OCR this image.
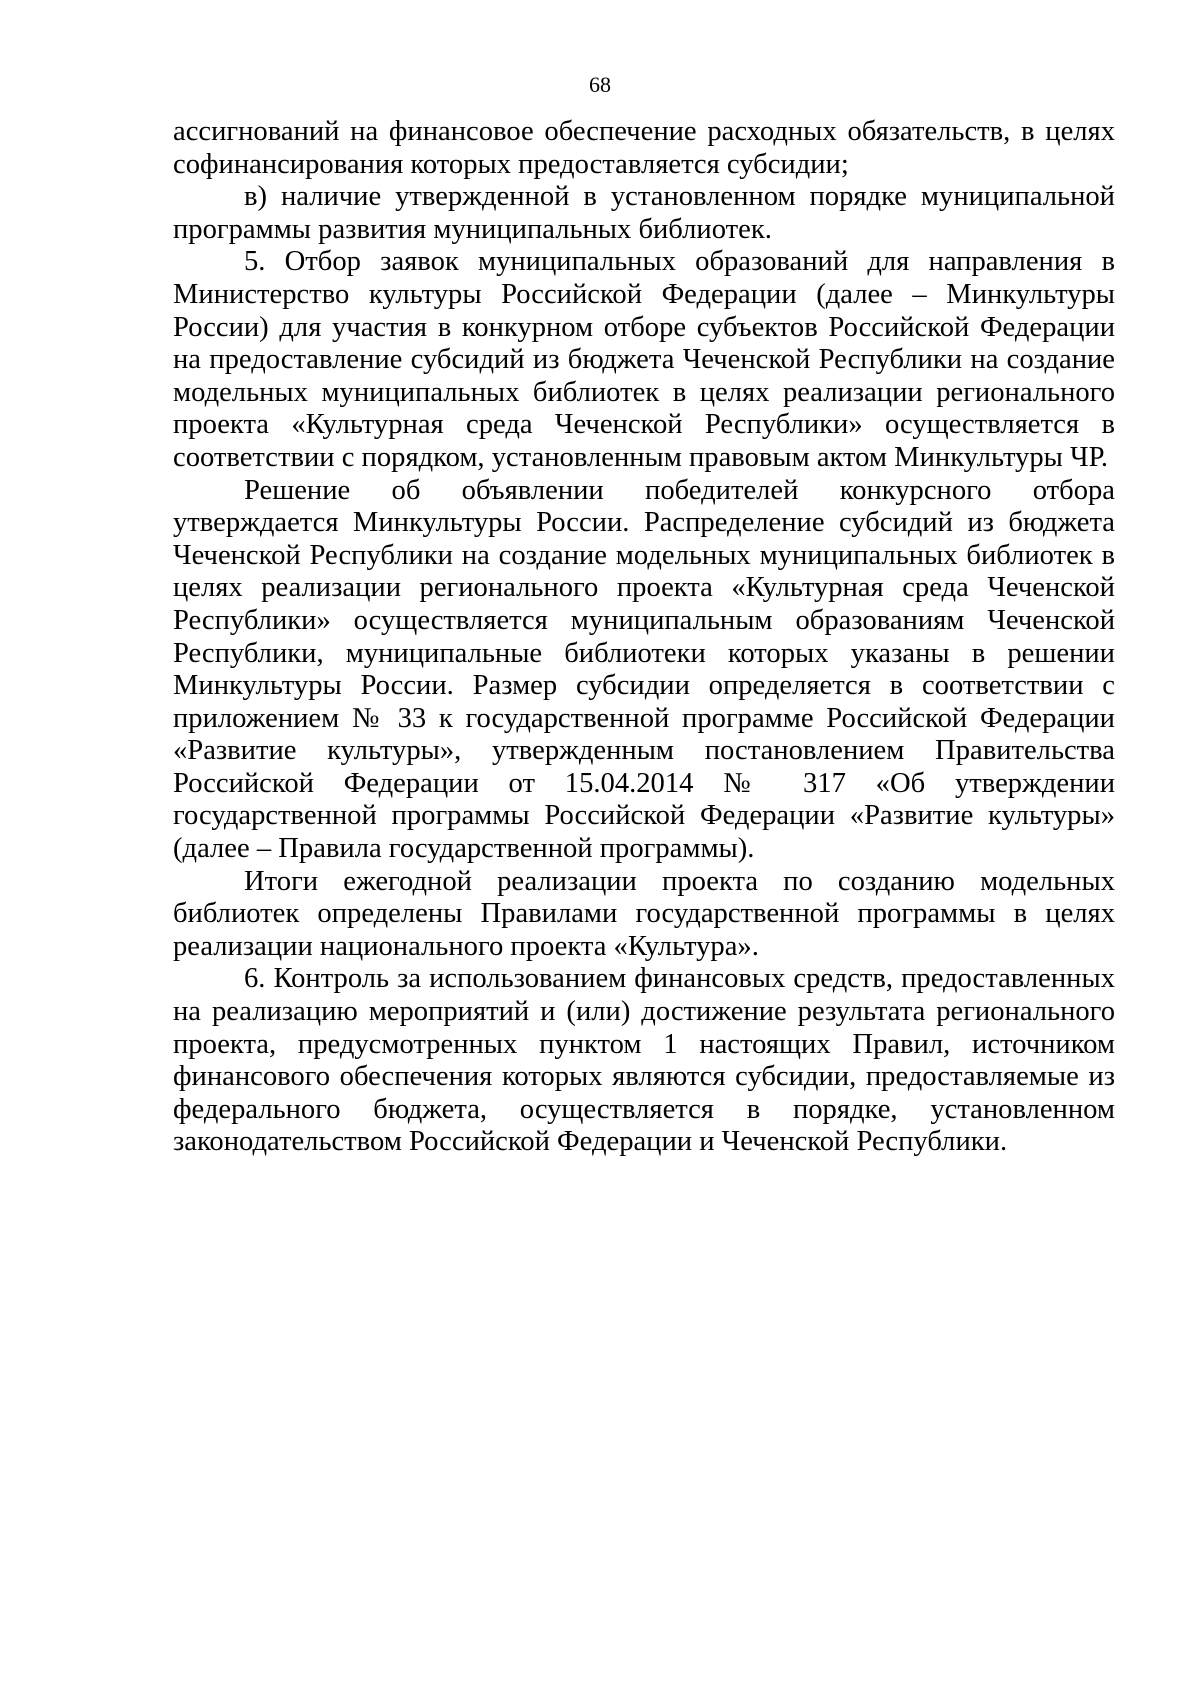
68

ассигнований на финансовое обеспечение расходных обязательств, в целях софинансирования которых предоставляется субсидии;

в) наличие утвержденной в установленном порядке муниципальной программы развития муниципальных библиотек.

5. Отбор заявок муниципальных образований для направления в Министерство культуры Российской Федерации (далее – Минкультуры России) для участия в конкурном отборе субъектов Российской Федерации на предоставление субсидий из бюджета Чеченской Республики на создание модельных муниципальных библиотек в целях реализации регионального проекта «Культурная среда Чеченской Республики» осуществляется в соответствии с порядком, установленным правовым актом Минкультуры ЧР.

Решение об объявлении победителей конкурсного отбора утверждается Минкультуры России. Распределение субсидий из бюджета Чеченской Республики на создание модельных муниципальных библиотек в целях реализации регионального проекта «Культурная среда Чеченской Республики» осуществляется муниципальным образованиям Чеченской Республики, муниципальные библиотеки которых указаны в решении Минкультуры России. Размер субсидии определяется в соответствии с приложением № 33 к государственной программе Российской Федерации «Развитие культуры», утвержденным постановлением Правительства Российской Федерации от 15.04.2014 № 317 «Об утверждении государственной программы Российской Федерации «Развитие культуры» (далее – Правила государственной программы).

Итоги ежегодной реализации проекта по созданию модельных библиотек определены Правилами государственной программы в целях реализации национального проекта «Культура».

6. Контроль за использованием финансовых средств, предоставленных на реализацию мероприятий и (или) достижение результата регионального проекта, предусмотренных пунктом 1 настоящих Правил, источником финансового обеспечения которых являются субсидии, предоставляемые из федерального бюджета, осуществляется в порядке, установленном законодательством Российской Федерации и Чеченской Республики.
